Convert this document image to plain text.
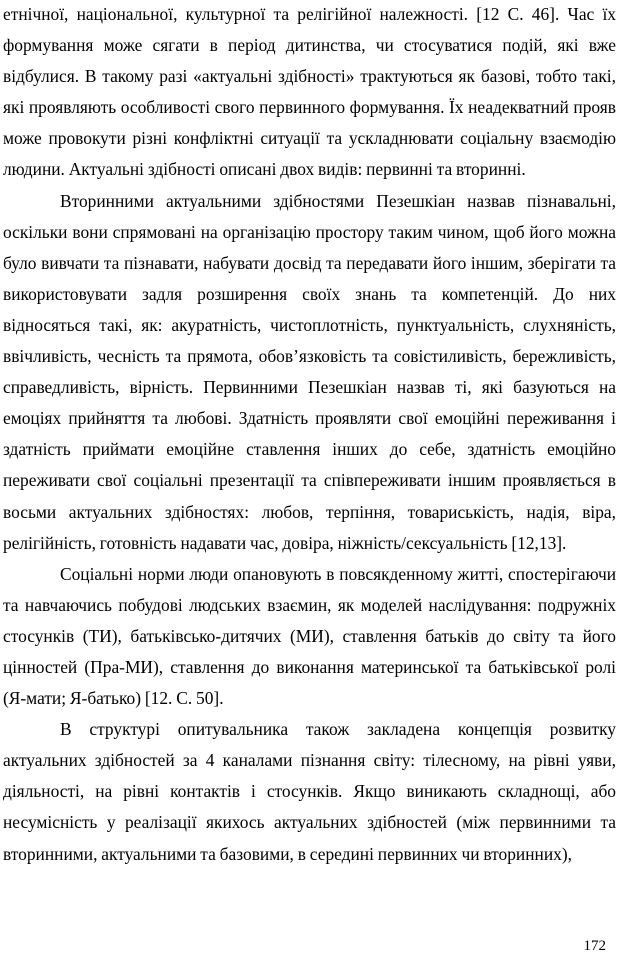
етнічної, національної, культурної та релігійної належності. [12 С. 46]. Час їх формування може сягати в період дитинства, чи стосуватися подій, які вже відбулися. В такому разі «актуальні здібності» трактуються як базові, тобто такі, які проявляють особливості свого первинного формування. Їх неадекватний прояв може провокути різні конфліктні ситуації та ускладнювати соціальну взаємодію людини. Актуальні здібності описані двох видів: первинні та вторинні.

Вторинними актуальними здібностями Пезешкіан назвав пізнавальні, оскільки вони спрямовані на організацію простору таким чином, щоб його можна було вивчати та пізнавати, набувати досвід та передавати його іншим, зберігати та використовувати задля розширення своїх знань та компетенцій. До них відносяться такі, як: акуратність, чистоплотність, пунктуальність, слухняність, ввічливість, чесність та прямота, обов’язковість та совістиливість, бережливість, справедливість, вірність. Первинними Пезешкіан назвав ті, які базуються на емоціях прийняття та любові. Здатність проявляти свої емоційні переживання і здатність приймати емоційне ставлення інших до себе, здатність емоційно переживати свої соціальні презентації та співпереживати іншим проявляється в восьми актуальних здібностях: любов, терпіння, товариськість, надія, віра, релігійність, готовність надавати час, довіра, ніжність/сексуальність [12,13].

Соціальні норми люди опановують в повсякденному житті, спостерігаючи та навчаючись побудові людських взаємин, як моделей наслідування: подружніх стосунків (ТИ), батьківсько-дитячих (МИ), ставлення батьків до світу та його цінностей (Пра-МИ), ставлення до виконання материнської та батьківської ролі (Я-мати; Я-батько) [12. С. 50].

В структурі опитувальника також закладена концепція розвитку актуальних здібностей за 4 каналами пізнання світу: тілесному, на рівні уяви, діяльності, на рівні контактів і стосунків. Якщо виникають складнощі, або несумісність у реалізації якихось актуальних здібностей (між первинними та вторинними, актуальними та базовими, в середині первинних чи вторинних),

172
